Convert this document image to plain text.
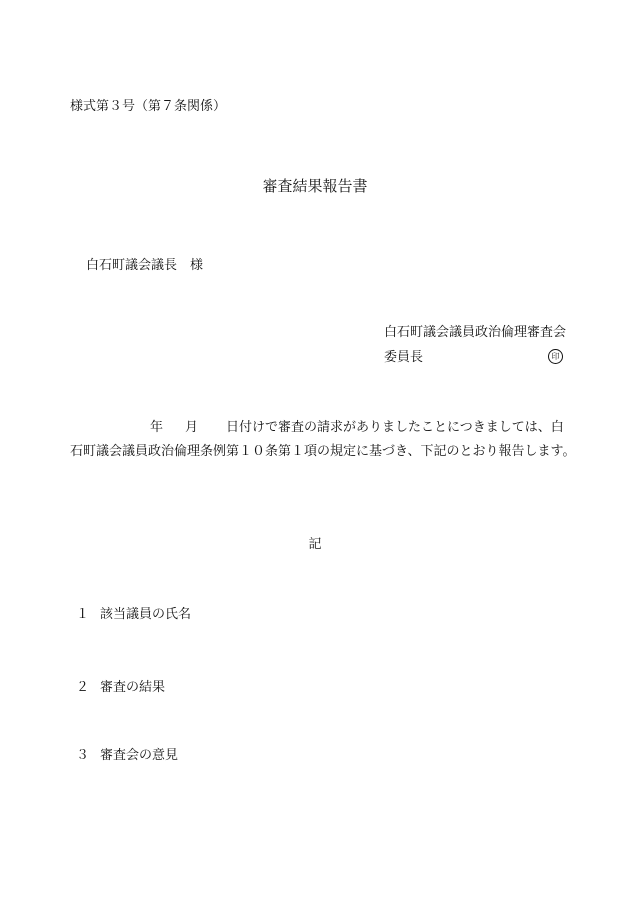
様式第３号（第７条関係）
審査結果報告書
白石町議会議長　様
白石町議会議員政治倫理審査会
委員長	印
年 月 日付けで審査の請求がありましたことにつきましては、白
石町議会議員政治倫理条例第１０条第１項の規定に基づき、下記のとおり報告します。
記
１ 該当議員の氏名
２ 審査の結果
３ 審査会の意見
